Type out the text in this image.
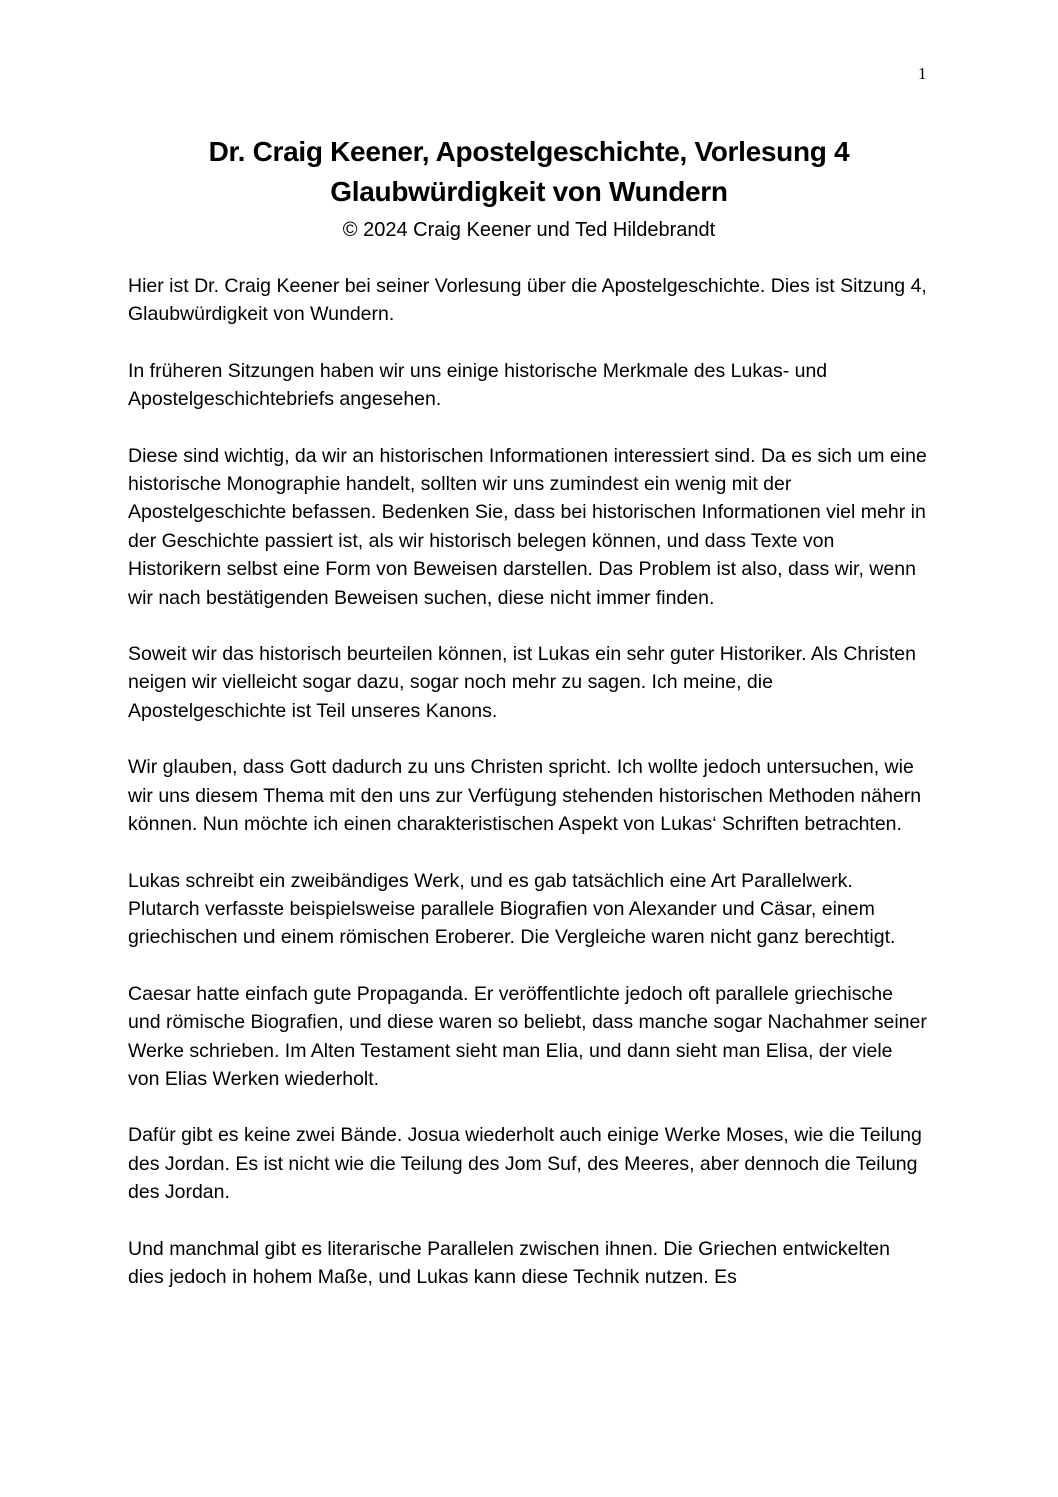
1
Dr. Craig Keener, Apostelgeschichte, Vorlesung 4
Glaubwürdigkeit von Wundern
© 2024 Craig Keener und Ted Hildebrandt

Hier ist Dr. Craig Keener bei seiner Vorlesung über die Apostelgeschichte. Dies ist Sitzung 4, Glaubwürdigkeit von Wundern.

In früheren Sitzungen haben wir uns einige historische Merkmale des Lukas- und Apostelgeschichtebriefs angesehen.

Diese sind wichtig, da wir an historischen Informationen interessiert sind. Da es sich um eine historische Monographie handelt, sollten wir uns zumindest ein wenig mit der Apostelgeschichte befassen. Bedenken Sie, dass bei historischen Informationen viel mehr in der Geschichte passiert ist, als wir historisch belegen können, und dass Texte von Historikern selbst eine Form von Beweisen darstellen. Das Problem ist also, dass wir, wenn wir nach bestätigenden Beweisen suchen, diese nicht immer finden.

Soweit wir das historisch beurteilen können, ist Lukas ein sehr guter Historiker. Als Christen neigen wir vielleicht sogar dazu, sogar noch mehr zu sagen. Ich meine, die Apostelgeschichte ist Teil unseres Kanons.

Wir glauben, dass Gott dadurch zu uns Christen spricht. Ich wollte jedoch untersuchen, wie wir uns diesem Thema mit den uns zur Verfügung stehenden historischen Methoden nähern können. Nun möchte ich einen charakteristischen Aspekt von Lukas‘ Schriften betrachten.

Lukas schreibt ein zweibändiges Werk, und es gab tatsächlich eine Art Parallelwerk. Plutarch verfasste beispielsweise parallele Biografien von Alexander und Cäsar, einem griechischen und einem römischen Eroberer. Die Vergleiche waren nicht ganz berechtigt.

Caesar hatte einfach gute Propaganda. Er veröffentlichte jedoch oft parallele griechische und römische Biografien, und diese waren so beliebt, dass manche sogar Nachahmer seiner Werke schrieben. Im Alten Testament sieht man Elia, und dann sieht man Elisa, der viele von Elias Werken wiederholt.

Dafür gibt es keine zwei Bände. Josua wiederholt auch einige Werke Moses, wie die Teilung des Jordan. Es ist nicht wie die Teilung des Jom Suf, des Meeres, aber dennoch die Teilung des Jordan.

Und manchmal gibt es literarische Parallelen zwischen ihnen. Die Griechen entwickelten dies jedoch in hohem Maße, und Lukas kann diese Technik nutzen. Es
